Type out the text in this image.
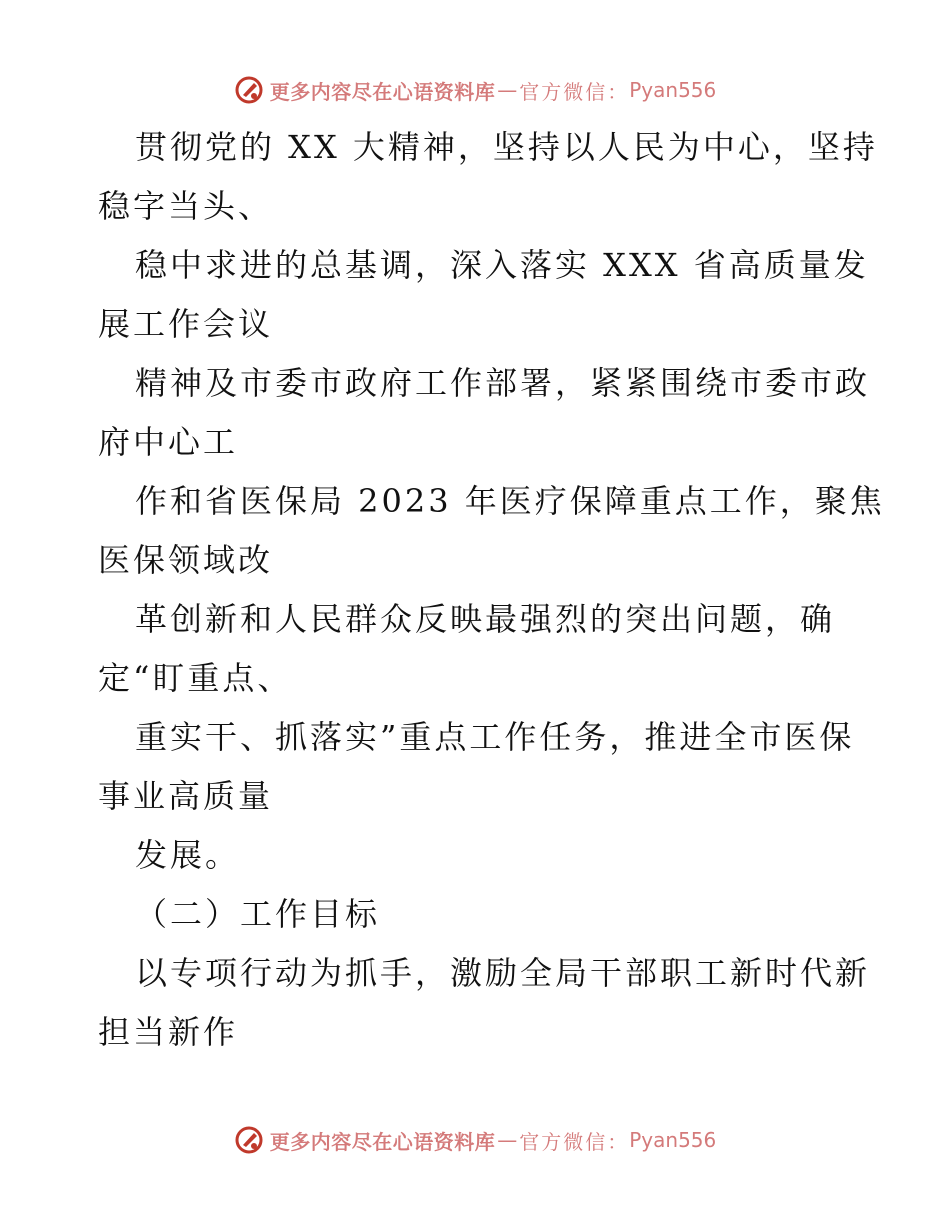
更多内容尽在心语资料库 — 官方微信： Pyan556
贯彻党的 XX 大精神，坚持以人民为中心，坚持
稳字当头、
稳中求进的总基调，深入落实 XXX 省高质量发
展工作会议
精神及市委市政府工作部署，紧紧围绕市委市政
府中心工
作和省医保局 2023 年医疗保障重点工作，聚焦
医保领域改
革创新和人民群众反映最强烈的突出问题，确
定“盯重点、
重实干、抓落实”重点工作任务，推进全市医保
事业高质量
发展。
（二）工作目标
以专项行动为抓手，激励全局干部职工新时代新
担当新作
更多内容尽在心语资料库 — 官方微信： Pyan556
